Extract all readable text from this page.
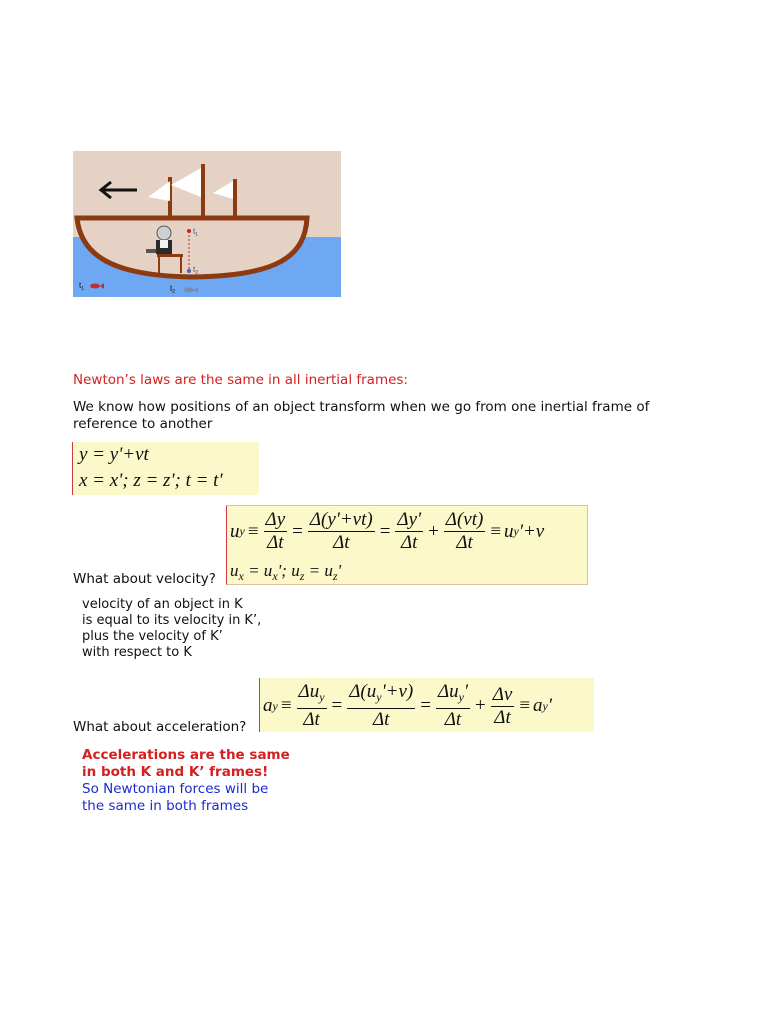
$t_1$
$t_2$
$t_1$	$t_2$
Newton’s laws are the same in all inertial frames:
We know how positions of an object transform when we go from one inertial frame of reference to another
y = y'+vt
x = x'; z = z'; t = t'
What about velocity?
u $y \equiv \frac{\Delta y}{\Delta t} = \frac{\Delta(y'+vt)}{\Delta t} = \frac{\Delta y'}{\Delta t} + \frac{\Delta(vt)}{\Delta t} \equiv u$ y '+v
$u_x = u_x'$; $u_z = u_z'$
velocity of an object in K
is equal to its velocity in K’,
plus the velocity of K’
with respect to K
What about acceleration?
a $y \equiv \frac{\Delta u_y}{\Delta t} = \frac{\Delta(u_y'+v)}{\Delta t} = \frac{\Delta u_y'}{\Delta t} + \frac{\Delta v}{\Delta t} \equiv a$ y '
Accelerations are the same
in both K and K’ frames!
So Newtonian forces will be
the same in both frames
